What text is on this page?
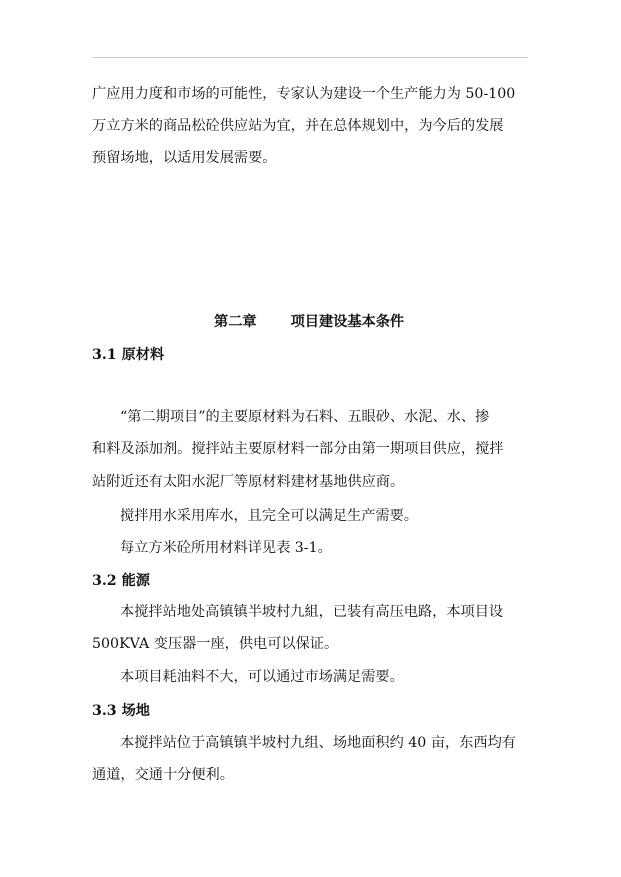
广应用力度和市场的可能性，专家认为建设一个生产能力为 50-100
万立方米的商品松砼供应站为宜，并在总体规划中，为今后的发展
预留场地，以适用发展需要。
第二章 项目建设基本条件
3.1 原材料
“第二期项目”的主要原材料为石料、五眼砂、水泥、水、掺
和料及添加剂。搅拌站主要原材料一部分由第一期项目供应，搅拌
站附近还有太阳水泥厂等原材料建材基地供应商。
搅拌用水采用库水，且完全可以满足生产需要。
每立方米砼所用材料详见表 3-1。
3.2 能源
本搅拌站地处高镇镇半坡村九組，已装有高压电路，本项目设
500KVA 变压器一座，供电可以保证。
本项目耗油料不大，可以通过市场满足需要。
3.3 场地
本搅拌站位于高镇镇半坡村九组、场地面积约 40 亩，东西均有
通道，交通十分便利。
